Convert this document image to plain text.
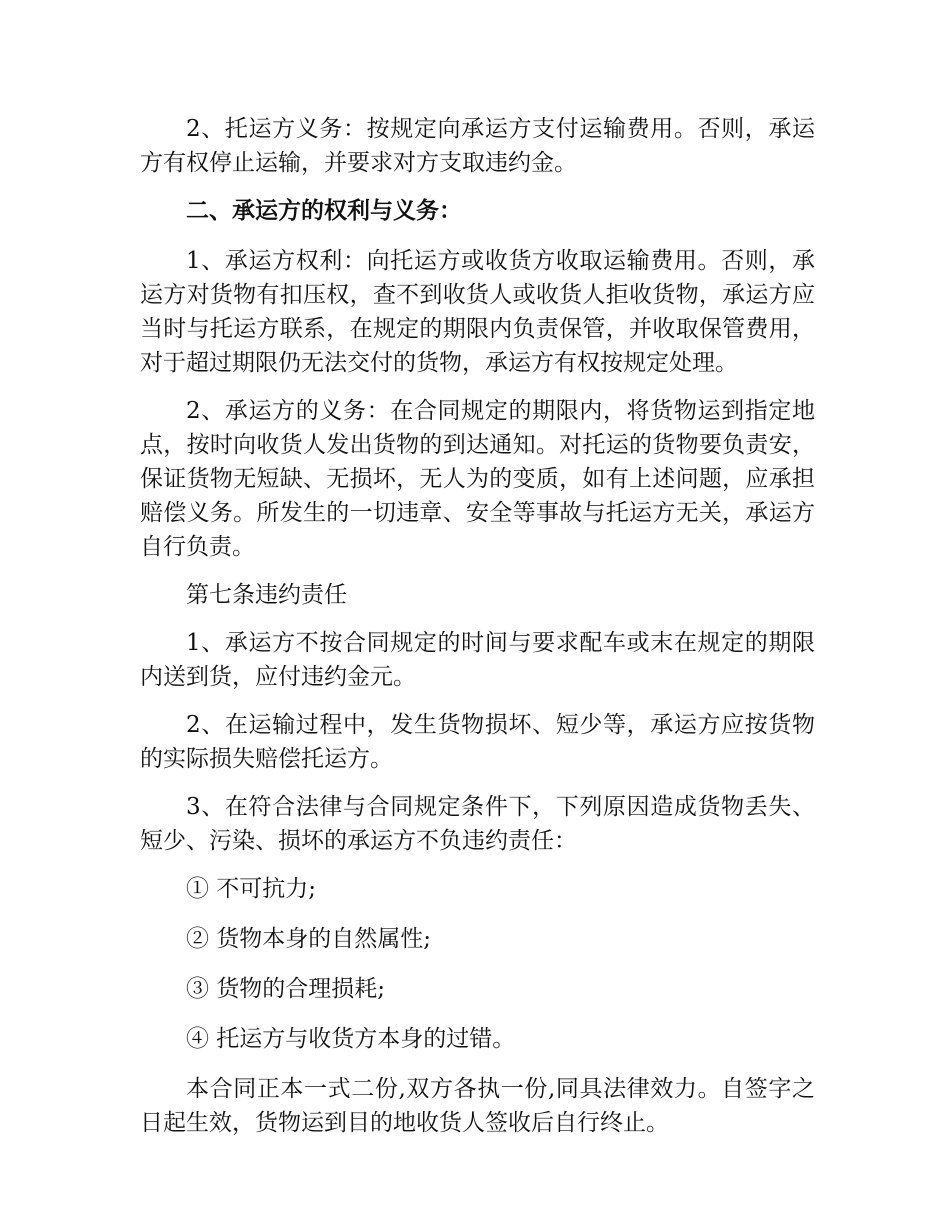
2、托运方义务：按规定向承运方支付运输费用。否则，承运方有权停止运输，并要求对方支取违约金。

二、承运方的权利与义务：

1、承运方权利：向托运方或收货方收取运输费用。否则，承运方对货物有扣压权，查不到收货人或收货人拒收货物，承运方应当时与托运方联系，在规定的期限内负责保管，并收取保管费用，对于超过期限仍无法交付的货物，承运方有权按规定处理。

2、承运方的义务：在合同规定的期限内，将货物运到指定地点，按时向收货人发出货物的到达通知。对托运的货物要负责安，保证货物无短缺、无损坏，无人为的变质，如有上述问题，应承担赔偿义务。所发生的一切违章、安全等事故与托运方无关，承运方自行负责。

第七条违约责任

1、承运方不按合同规定的时间与要求配车或末在规定的期限内送到货，应付违约金元。

2、在运输过程中，发生货物损坏、短少等，承运方应按货物的实际损失赔偿托运方。

3、在符合法律与合同规定条件下，下列原因造成货物丢失、短少、污染、损坏的承运方不负违约责任：

① 不可抗力;

② 货物本身的自然属性;

③ 货物的合理损耗;

④ 托运方与收货方本身的过错。

本合同正本一式二份,双方各执一份,同具法律效力。自签字之日起生效，货物运到目的地收货人签收后自行终止。
